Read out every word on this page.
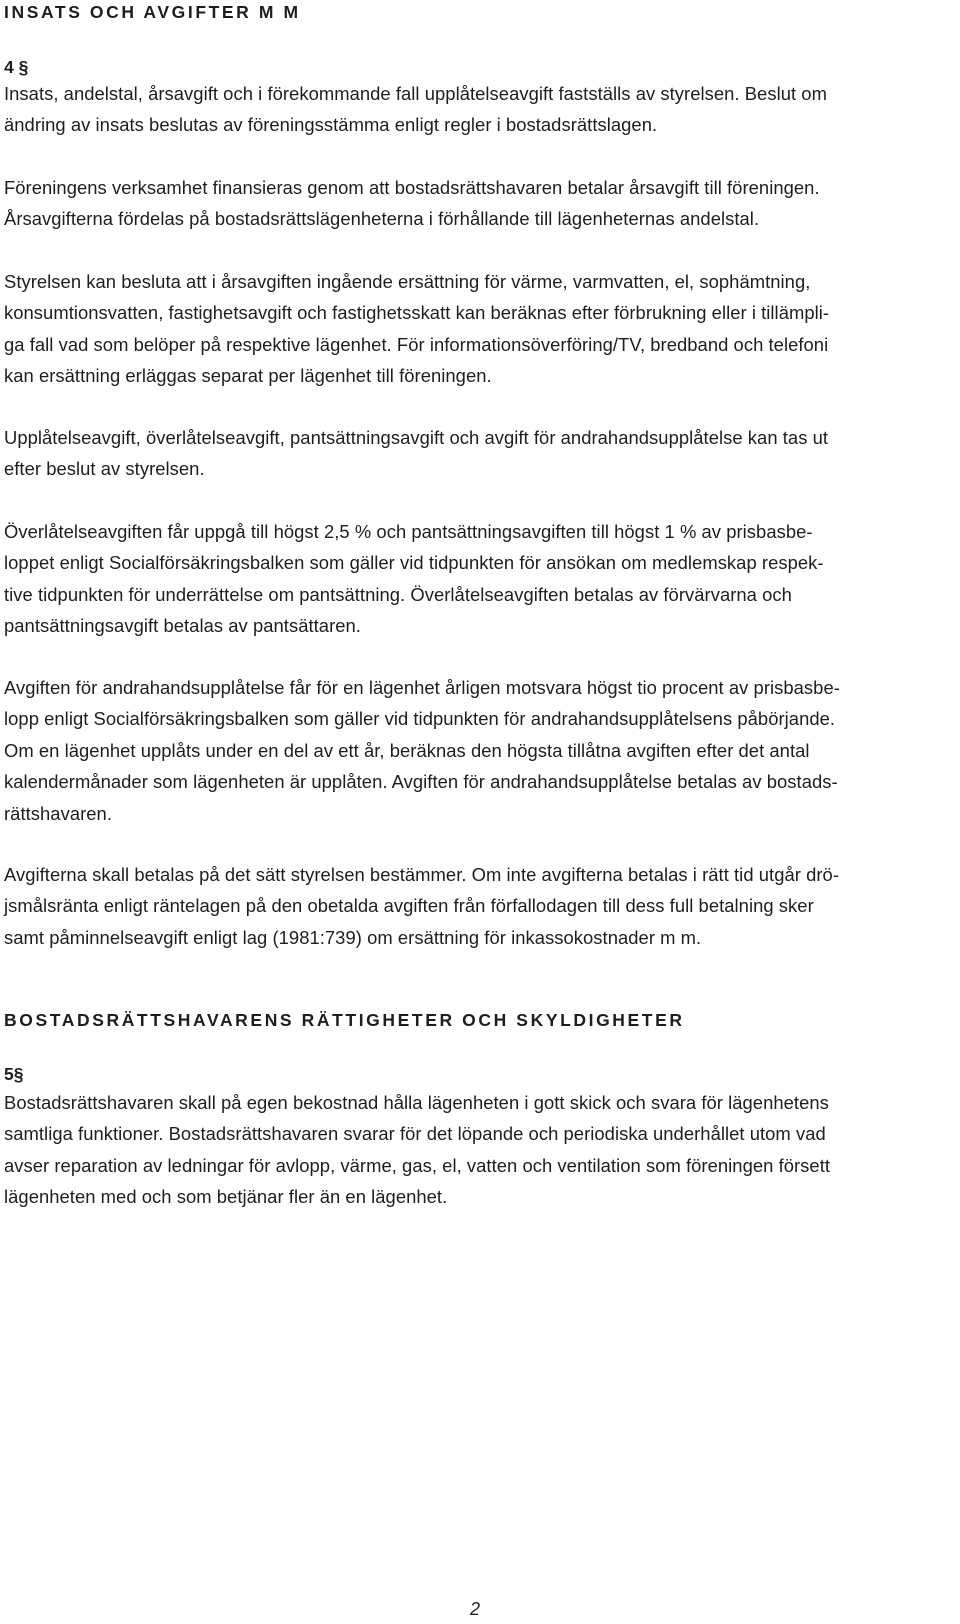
INSATS OCH AVGIFTER M M
4 §

Insats, andelstal, årsavgift och i förekommande fall upplåtelseavgift fastställs av styrelsen. Beslut om
ändring av insats beslutas av föreningsstämma enligt regler i bostadsrättslagen.

Föreningens verksamhet finansieras genom att bostadsrättshavaren betalar årsavgift till föreningen.
Årsavgifterna fördelas på bostadsrättslägenheterna i förhållande till lägenheternas andelstal.

Styrelsen kan besluta att i årsavgiften ingående ersättning för värme, varmvatten, el, sophämtning,
konsumtionsvatten, fastighetsavgift och fastighetsskatt kan beräknas efter förbrukning eller i tillämpli-
ga fall vad som belöper på respektive lägenhet. För informationsöverföring/TV, bredband och telefoni
kan ersättning erläggas separat per lägenhet till föreningen.

Upplåtelseavgift, överlåtelseavgift, pantsättningsavgift och avgift för andrahandsupplåtelse kan tas ut
efter beslut av styrelsen.

Överlåtelseavgiften får uppgå till högst 2,5 % och pantsättningsavgiften till högst 1 % av prisbasbe-
loppet enligt Socialförsäkringsbalken som gäller vid tidpunkten för ansökan om medlemskap respek-
tive tidpunkten för underrättelse om pantsättning. Överlåtelseavgiften betalas av förvärvarna och
pantsättningsavgift betalas av pantsättaren.

Avgiften för andrahandsupplåtelse får för en lägenhet årligen motsvara högst tio procent av prisbasbe-
lopp enligt Socialförsäkringsbalken som gäller vid tidpunkten för andrahandsupplåtelsens påbörjande.
Om en lägenhet upplåts under en del av ett år, beräknas den högsta tillåtna avgiften efter det antal
kalendermånader som lägenheten är upplåten. Avgiften för andrahandsupplåtelse betalas av bostads-
rättshavaren.

Avgifterna skall betalas på det sätt styrelsen bestämmer. Om inte avgifterna betalas i rätt tid utgår drö-
jsmålsränta enligt räntelagen på den obetalda avgiften från förfallodagen till dess full betalning sker
samt påminnelseavgift enligt lag (1981:739) om ersättning för inkassokostnader m m.

BOSTADSRÄTTSHAVARENS RÄTTIGHETER OCH SKYLDIGHETER
5§

Bostadsrättshavaren skall på egen bekostnad hålla lägenheten i gott skick och svara för lägenhetens
samtliga funktioner. Bostadsrättshavaren svarar för det löpande och periodiska underhållet utom vad
avser reparation av ledningar för avlopp, värme, gas, el, vatten och ventilation som föreningen försett
lägenheten med och som betjänar fler än en lägenhet.

2
